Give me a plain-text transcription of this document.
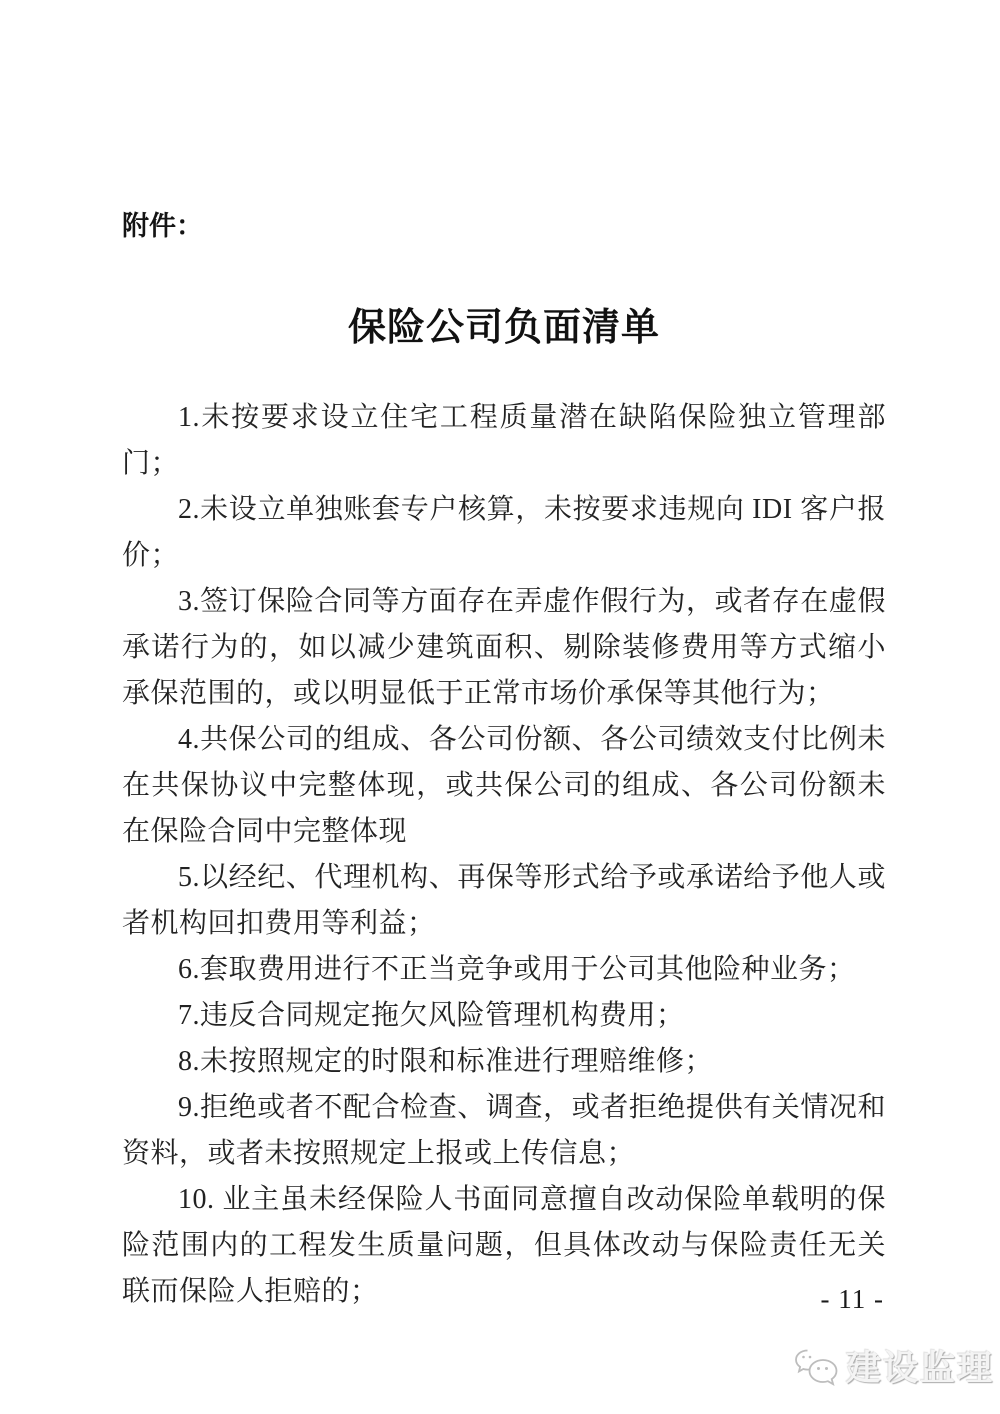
附件：
保险公司负面清单

1.未按要求设立住宅工程质量潜在缺陷保险独立管理部门；

2.未设立单独账套专户核算，未按要求违规向 IDI 客户报价；

3.签订保险合同等方面存在弄虚作假行为，或者存在虚假承诺行为的，如以减少建筑面积、剔除装修费用等方式缩小承保范围的，或以明显低于正常市场价承保等其他行为；

4.共保公司的组成、各公司份额、各公司绩效支付比例未在共保协议中完整体现，或共保公司的组成、各公司份额未在保险合同中完整体现

5.以经纪、代理机构、再保等形式给予或承诺给予他人或者机构回扣费用等利益；

6.套取费用进行不正当竞争或用于公司其他险种业务；

7.违反合同规定拖欠风险管理机构费用；

8.未按照规定的时限和标准进行理赔维修；

9.拒绝或者不配合检查、调查，或者拒绝提供有关情况和资料，或者未按照规定上报或上传信息；

10. 业主虽未经保险人书面同意擅自改动保险单载明的保险范围内的工程发生质量问题，但具体改动与保险责任无关联而保险人拒赔的；	- 11 -
建设监理
